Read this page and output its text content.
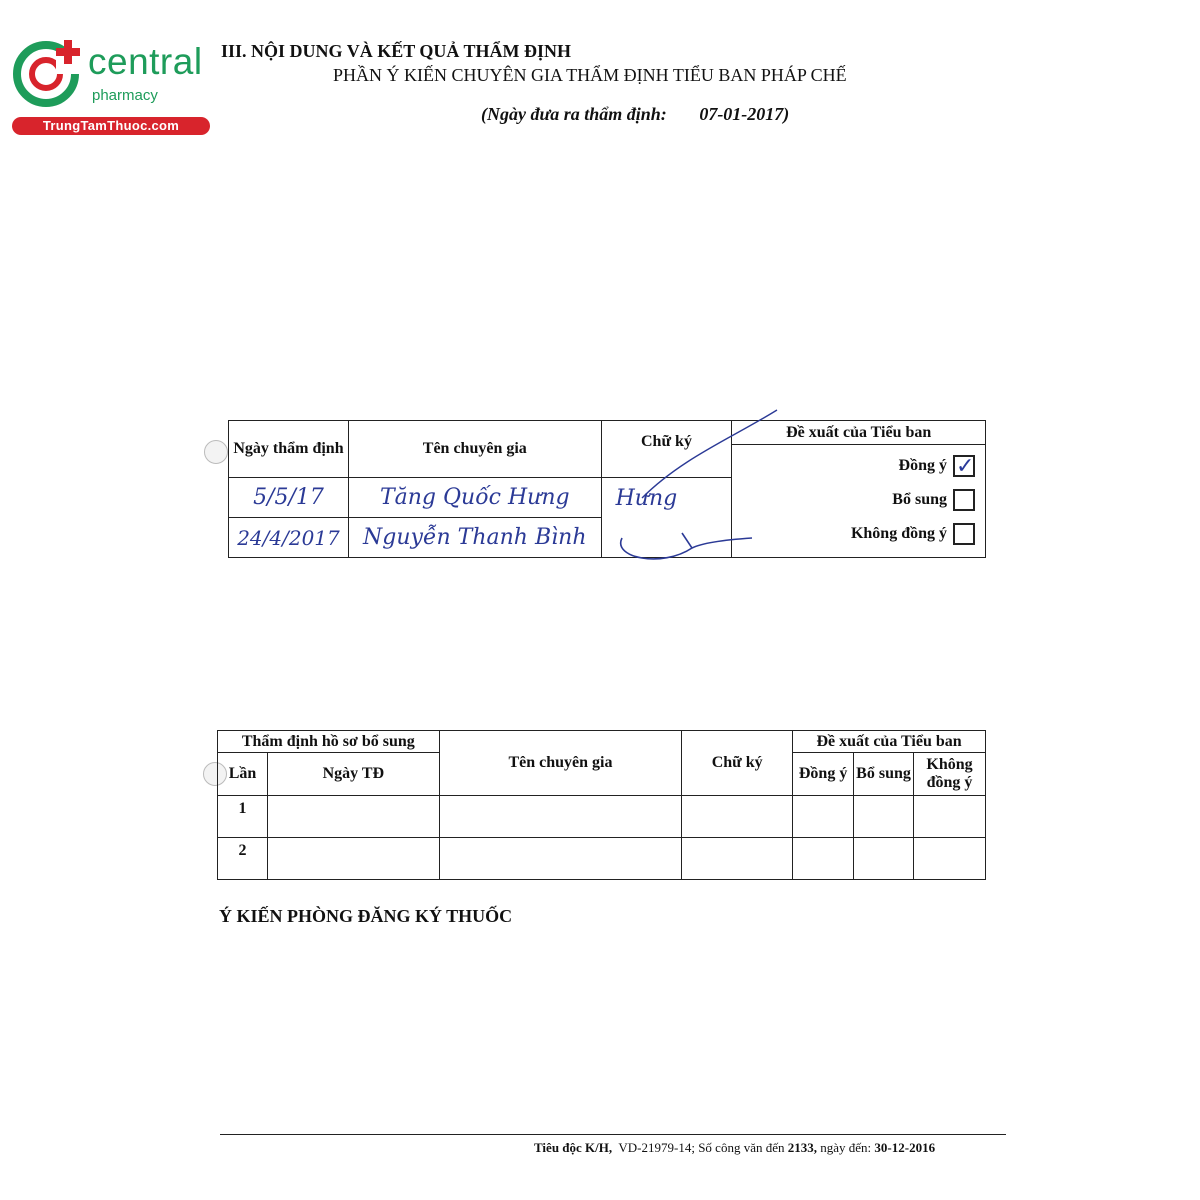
central
pharmacy
TrungTamThuoc.com
III. NỘI DUNG VÀ KẾT QUẢ THẨM ĐỊNH
PHẦN Ý KIẾN CHUYÊN GIA THẨM ĐỊNH TIỂU BAN PHÁP CHẾ
(Ngày đưa ra thẩm định: 07-01-2017)
Ngày thẩm định	Tên chuyên gia	Chữ ký	Đề xuất của Tiểu ban
Đồng ý ✓
Bổ sung
Không đồng ý

5/5/17	Tăng Quốc Hưng	Hưng	

24/4/2017	Nguyễn Thanh Bình		
Thẩm định hồ sơ bổ sung		Tên chuyên gia	Chữ ký	Đề xuất của Tiểu ban		
Lần	Ngày TĐ			Đồng ý	Bổ sung	Không đồng ý
1						
2						
Ý KIẾN PHÒNG ĐĂNG KÝ THUỐC
Tiêu độc K/H, VD-21979-14; Số công văn đến 2133, ngày đến: 30-12-2016
